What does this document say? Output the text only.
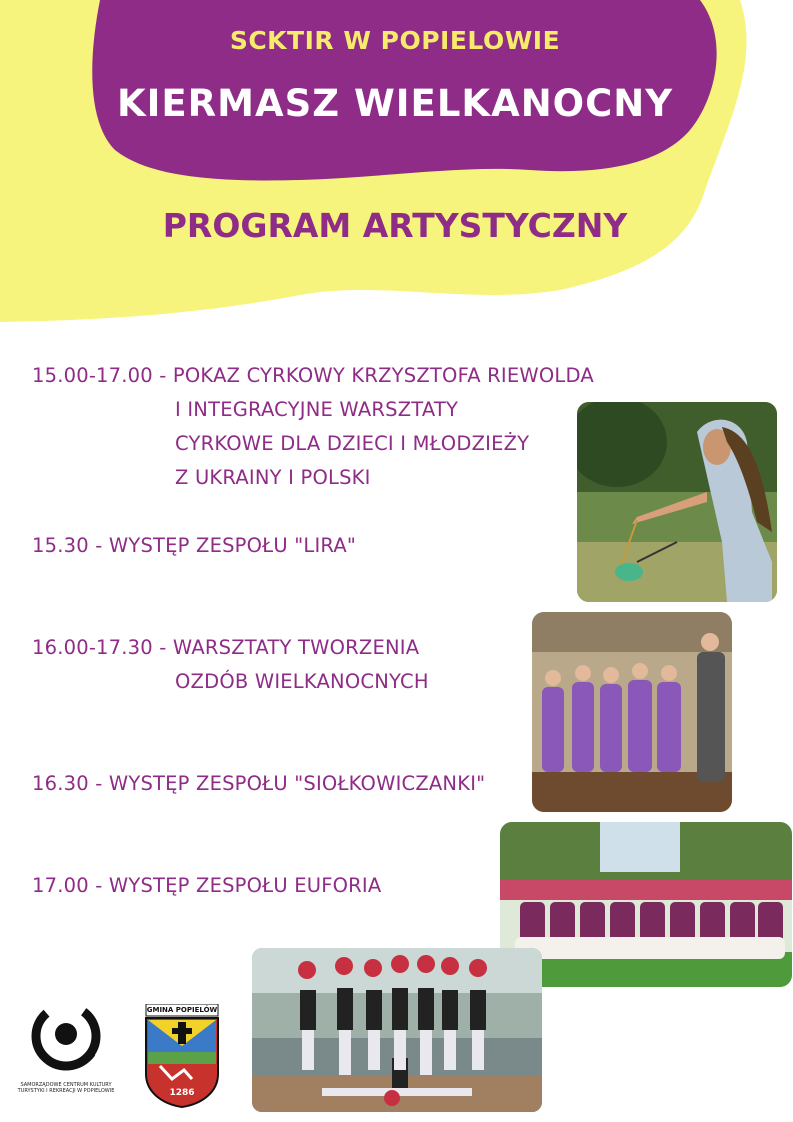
SCKTIR W POPIELOWIE
KIERMASZ WIELKANOCNY
PROGRAM ARTYSTYCZNY
15.00-17.00 - POKAZ CYRKOWY KRZYSZTOFA RIEWOLDA
I INTEGRACYJNE WARSZTATY
CYRKOWE DLA DZIECI I MŁODZIEŻY
Z UKRAINY I POLSKI
15.30 - WYSTĘP ZESPOŁU "LIRA"
16.00-17.30 - WARSZTATY TWORZENIA
OZDÓB WIELKANOCNYCH
16.30 - WYSTĘP ZESPOŁU "SIOŁKOWICZANKI"
17.00 - WYSTĘP ZESPOŁU EUFORIA
SAMORZĄDOWE CENTRUM KULTURY TURYSTYKI I REKREACJI W POPIELOWIE
GMINA POPIELÓW
1286
